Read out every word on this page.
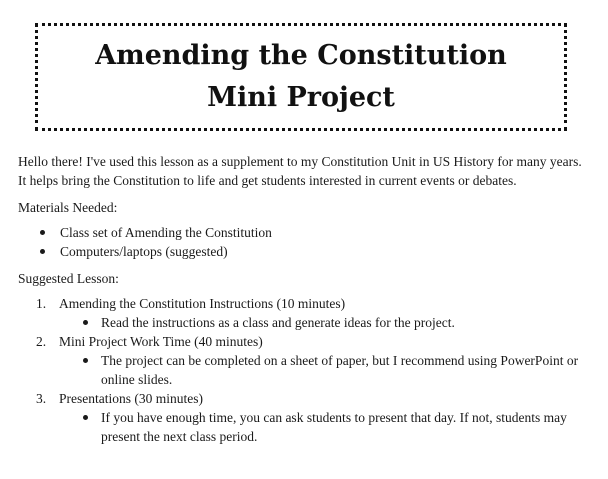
Amending the Constitution
Mini Project

Hello there! I've used this lesson as a supplement to my Constitution Unit in US History for many years. It helps bring the Constitution to life and get students interested in current events or debates.

Materials Needed:

Class set of Amending the Constitution
Computers/laptops (suggested)

Suggested Lesson:

1. Amending the Constitution Instructions (10 minutes)
Read the instructions as a class and generate ideas for the project.
2. Mini Project Work Time (40 minutes)
The project can be completed on a sheet of paper, but I recommend using PowerPoint or online slides.
3. Presentations (30 minutes)
If you have enough time, you can ask students to present that day. If not, students may present the next class period.
